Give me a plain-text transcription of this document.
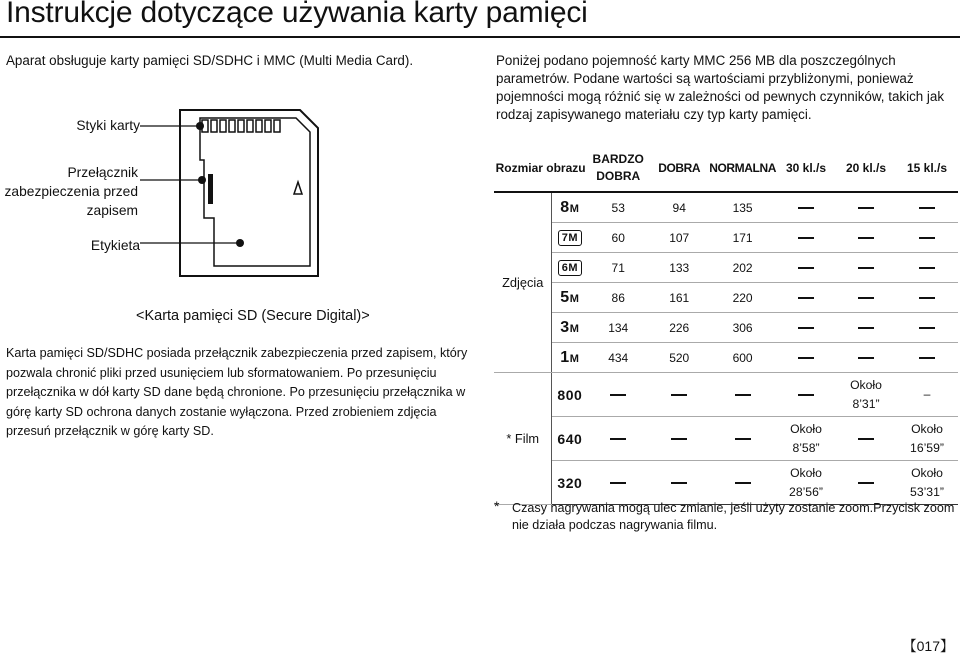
Instrukcje dotyczące używania karty pamięci
Aparat obsługuje karty pamięci SD/SDHC i MMC (Multi Media Card).
Styki karty
Przełącznik zabezpieczenia przed zapisem
Etykieta
<Karta pamięci SD (Secure Digital)>
Karta pamięci SD/SDHC posiada przełącznik zabezpieczenia przed zapisem, który pozwala chronić pliki przed usunięciem lub sformatowaniem. Po przesunięciu przełącznika w dół karty SD dane będą chronione. Po przesunięciu przełącznika w górę karty SD ochrona danych zostanie wyłączona. Przed zrobieniem zdjęcia przesuń przełącznik w górę karty SD.
Poniżej podano pojemność karty MMC 256 MB dla poszczególnych parametrów. Podane wartości są wartościami przybliżonymi, ponieważ pojemności mogą różnić się w zależności od pewnych czynników, takich jak rodzaj zapisywanego materiału czy typ karty pamięci.
Rozmiar obrazu		BARDZO DOBRA	DOBRA	NORMALNA	30 kl./s	20 kl./s	15 kl./s
Zdjęcia	8M	53	94	135			
	7M	60	107	171			
	6M	71	133	202			
	5M	86	161	220			
	3M	134	226	306			
	1M	434	520	600			
* Film	800					Około 8’31”	–
	640				Około 8’58”		Około 16’59”
	320				Około 28’56”		Około 53’31”
* Czasy nagrywania mogą ulec zmianie, jeśli użyty zostanie zoom.Przycisk zoom nie działa podczas nagrywania filmu.
【017】
